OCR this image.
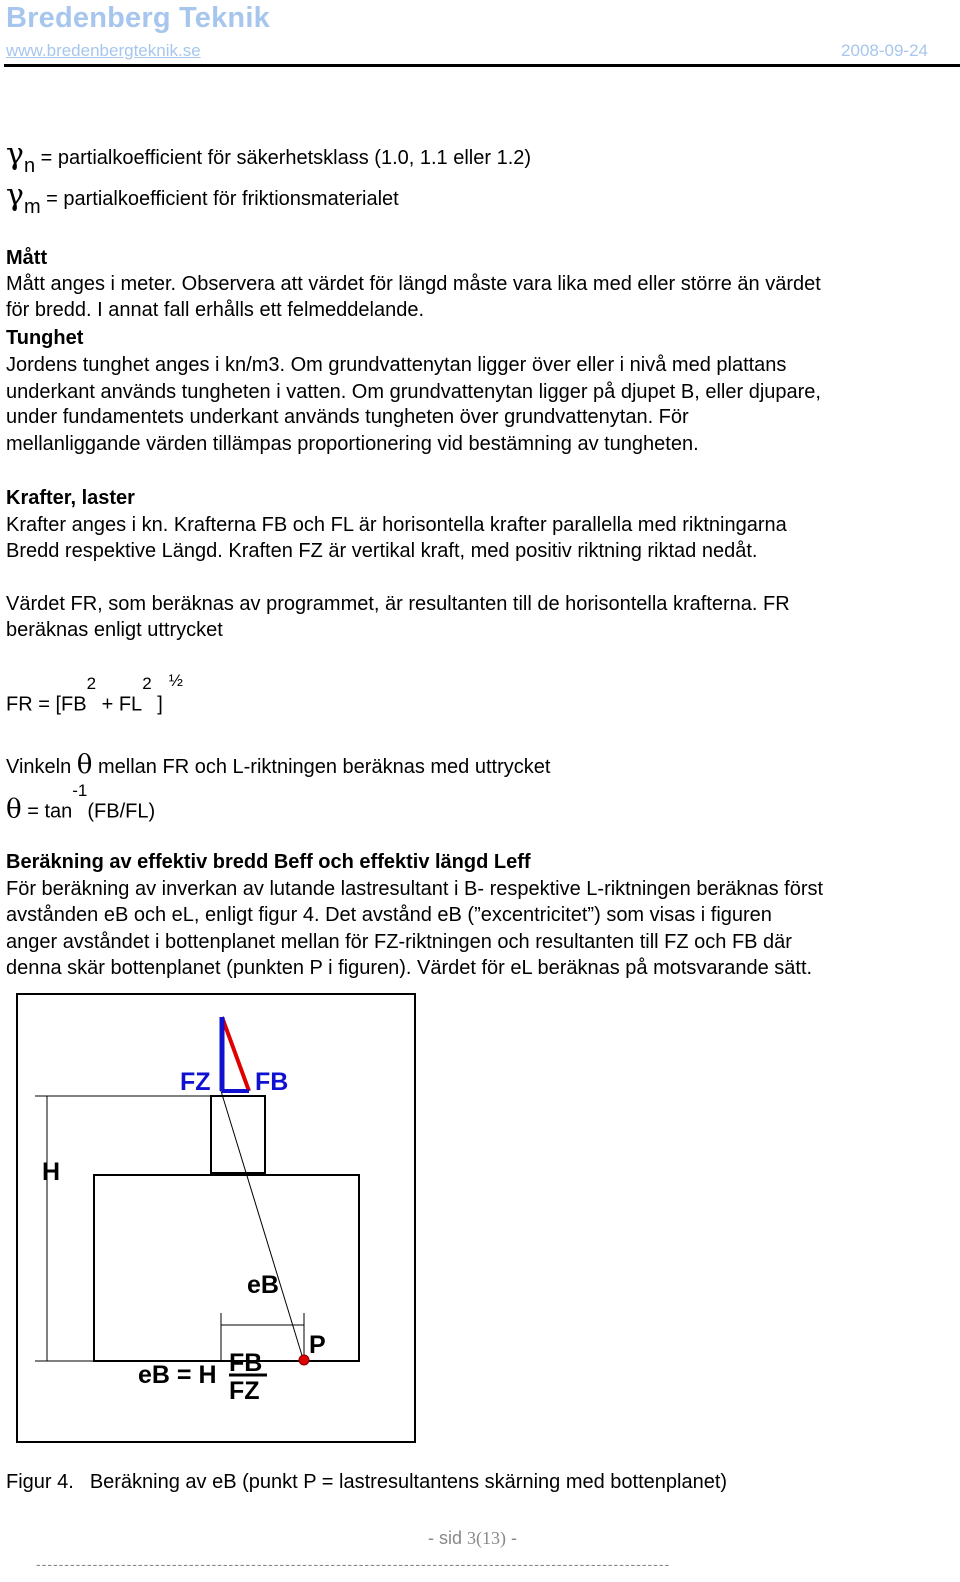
Bredenberg Teknik
www.bredenbergteknik.se	2008-09-24
$\gamma_n$ = partialkoefficient för säkerhetsklass (1.0, 1.1 eller 1.2)
$\gamma_m$ = partialkoefficient för friktionsmaterialet
Mått
Mått anges i meter. Observera att värdet för längd måste vara lika med eller större än värdet
för bredd. I annat fall erhålls ett felmeddelande.
Tunghet
Jordens tunghet anges i kn/m3. Om grundvattenytan ligger över eller i nivå med plattans
underkant används tungheten i vatten. Om grundvattenytan ligger på djupet B, eller djupare,
under fundamentets underkant används tungheten över grundvattenytan. För
mellanliggande värden tillämpas proportionering vid bestämning av tungheten.
Krafter, laster
Krafter anges i kn. Krafterna FB och FL är horisontella krafter parallella med riktningarna
Bredd respektive Längd. Kraften FZ är vertikal kraft, med positiv riktning riktad nedåt.
Värdet FR, som beräknas av programmet, är resultanten till de horisontella krafterna. FR
beräknas enligt uttrycket
FR = [$FB^2 + FL^2$ ]$^{\frac{1}{2}}$
Vinkeln θ mellan FR och L-riktningen beräknas med uttrycket
$\theta = \tan^{-1}(FB/FL)$
Beräkning av effektiv bredd Beff och effektiv längd Leff
För beräkning av inverkan av lutande lastresultant i B- respektive L-riktningen beräknas först
avstånden eB och eL, enligt figur 4. Det avstånd eB (”excentricitet”) som visas i figuren
anger avståndet i bottenplanet mellan för FZ-riktningen och resultanten till FZ och FB där
denna skär bottenplanet (punkten P i figuren). Värdet för eL beräknas på motsvarande sätt.
FZ FB
H
P
eB
eB = H FB
FZ
Figur 4. Beräkning av eB (punkt P = lastresultantens skärning med bottenplanet)
- sid 3(13) -
----------------------------------------------------------------------------------------------------------------
